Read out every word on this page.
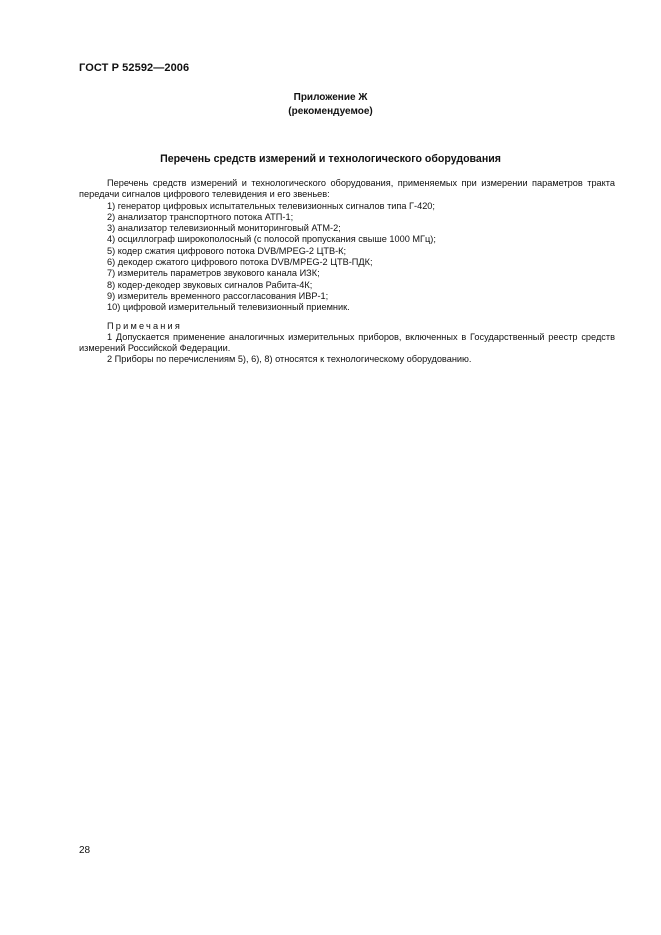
ГОСТ Р 52592—2006
Приложение Ж
(рекомендуемое)
Перечень средств измерений и технологического оборудования

Перечень средств измерений и технологического оборудования, применяемых при измерении параметров тракта передачи сигналов цифрового телевидения и его звеньев:

1) генератор цифровых испытательных телевизионных сигналов типа Г-420;
2) анализатор транспортного потока АТП-1;
3) анализатор телевизионный мониторинговый АТМ-2;
4) осциллограф широкополосный (с полосой пропускания свыше 1000 МГц);
5) кодер сжатия цифрового потока DVB/MPEG-2 ЦТВ-К;
6) декодер сжатого цифрового потока DVB/MPEG-2 ЦТВ-ПДК;
7) измеритель параметров звукового канала ИЗК;
8) кодер-декодер звуковых сигналов Рабита-4К;
9) измеритель временного рассогласования ИВР-1;
10) цифровой измерительный телевизионный приемник.

Примечания

1 Допускается применение аналогичных измерительных приборов, включенных в Государственный реестр средств измерений Российской Федерации.

2 Приборы по перечислениям 5), 6), 8) относятся к технологическому оборудованию.

28
